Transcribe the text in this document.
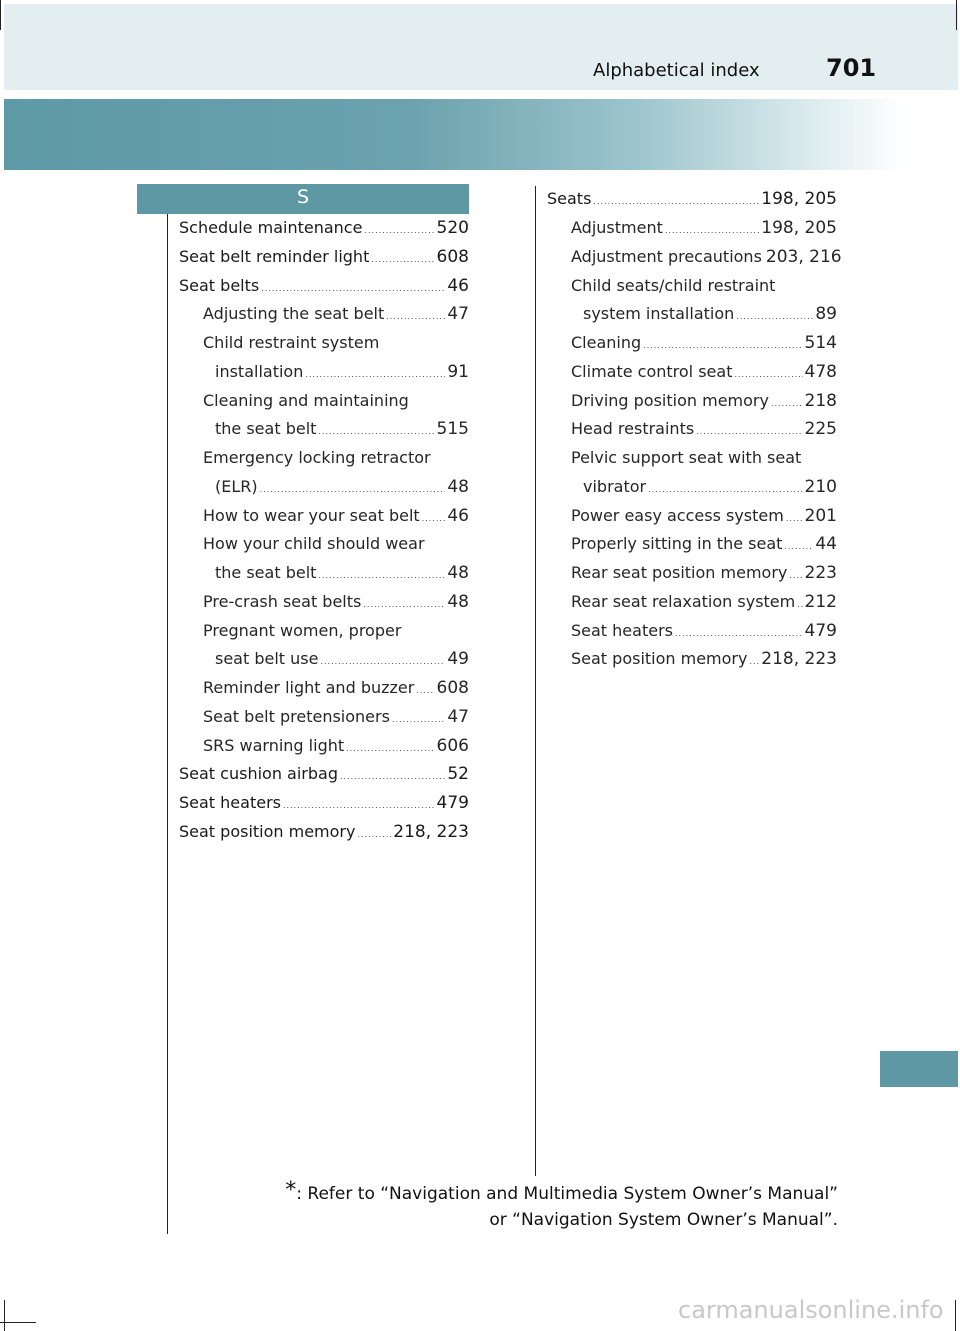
Alphabetical index	701
S
Schedule maintenance .....	520
Seat belt reminder light .....	608
Seat belts .....	46
Adjusting the seat belt .....	47
Child restraint system
installation .....	91
Cleaning and maintaining
the seat belt .....	515
Emergency locking retractor
(ELR) .....	48
How to wear your seat belt ..... 46
How your child should wear
the seat belt .....	48
Pre-crash seat belts .....	48
Pregnant women, proper
seat belt use .....	49
Reminder light and buzzer ..... 608
Seat belt pretensioners .....	47
SRS warning light .....	606
Seat cushion airbag .....	52
Seat heaters .....	479
Seat position memory ..... 218, 223
Seats .....	198, 205
Adjustment .....	198, 205
Adjustment precautions 203, 216
Child seats/child restraint
system installation .....	89
Cleaning .....	514
Climate control seat .....	478
Driving position memory ..... 218
Head restraints .....	225
Pelvic support seat with seat
vibrator .....	210
Power easy access system ..... 201
Properly sitting in the seat ..... 44
Rear seat position memory ..... 223
Rear seat relaxation system ..... 212
Seat heaters .....	479
Seat position memory ..... 218, 223
*: Refer to “Navigation and Multimedia System Owner’s Manual”
or “Navigation System Owner’s Manual”.
carmanualsonline.info
